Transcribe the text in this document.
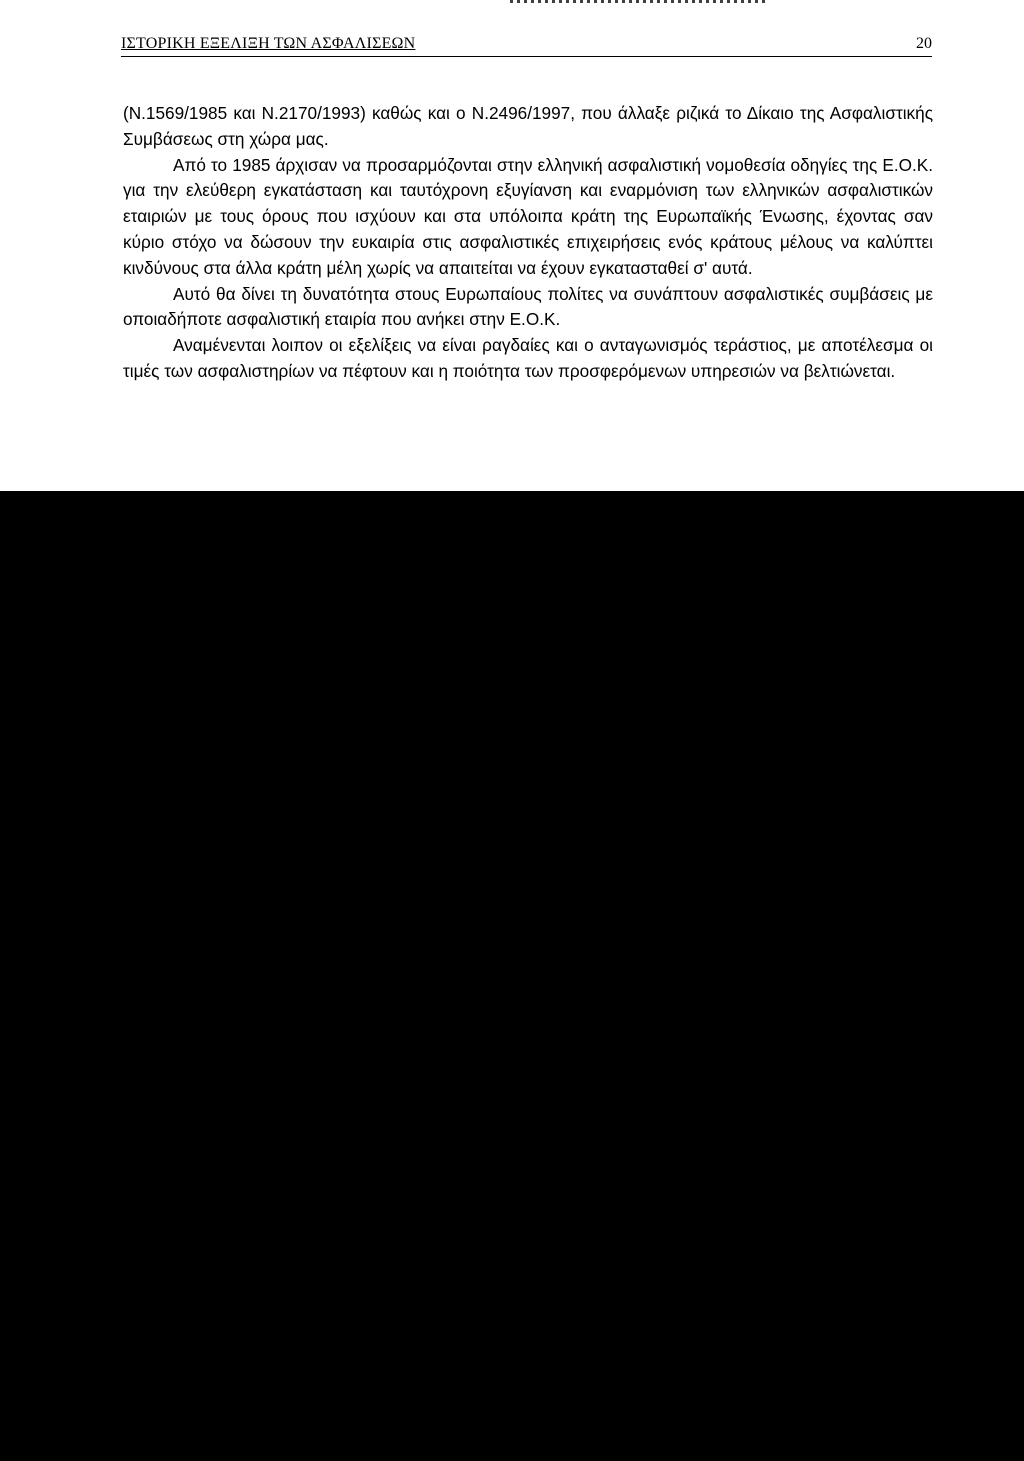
ΙΣΤΟΡΙΚΗ ΕΞΕΛΙΞΗ ΤΩΝ ΑΣΦΑΛΙΣΕΩΝ	20

(Ν.1569/1985 και Ν.2170/1993) καθώς και ο Ν.2496/1997, που άλλαξε ριζικά το Δίκαιο της Ασφαλιστικής Συμβάσεως στη χώρα μας.

Από το 1985 άρχισαν να προσαρμόζονται στην ελληνική ασφαλιστική νομοθεσία οδηγίες της Ε.Ο.Κ. για την ελεύθερη εγκατάσταση και ταυτόχρονη εξυγίανση και εναρμόνιση των ελληνικών ασφαλιστικών εταιριών με τους όρους που ισχύουν και στα υπόλοιπα κράτη της Ευρωπαϊκής Ένωσης, έχοντας σαν κύριο στόχο να δώσουν την ευκαιρία στις ασφαλιστικές επιχειρήσεις ενός κράτους μέλους να καλύπτει κινδύνους στα άλλα κράτη μέλη χωρίς να απαιτείται να έχουν εγκατασταθεί σ' αυτά.

Αυτό θα δίνει τη δυνατότητα στους Ευρωπαίους πολίτες να συνάπτουν ασφαλιστικές συμβάσεις με οποιαδήποτε ασφαλιστική εταιρία που ανήκει στην Ε.Ο.Κ.

Αναμένενται λοιπον οι εξελίξεις να είναι ραγδαίες και ο ανταγωνισμός τεράστιος, με αποτέλεσμα οι τιμές των ασφαλιστηρίων να πέφτουν και η ποιότητα των προσφερόμενων υπηρεσιών να βελτιώνεται.
